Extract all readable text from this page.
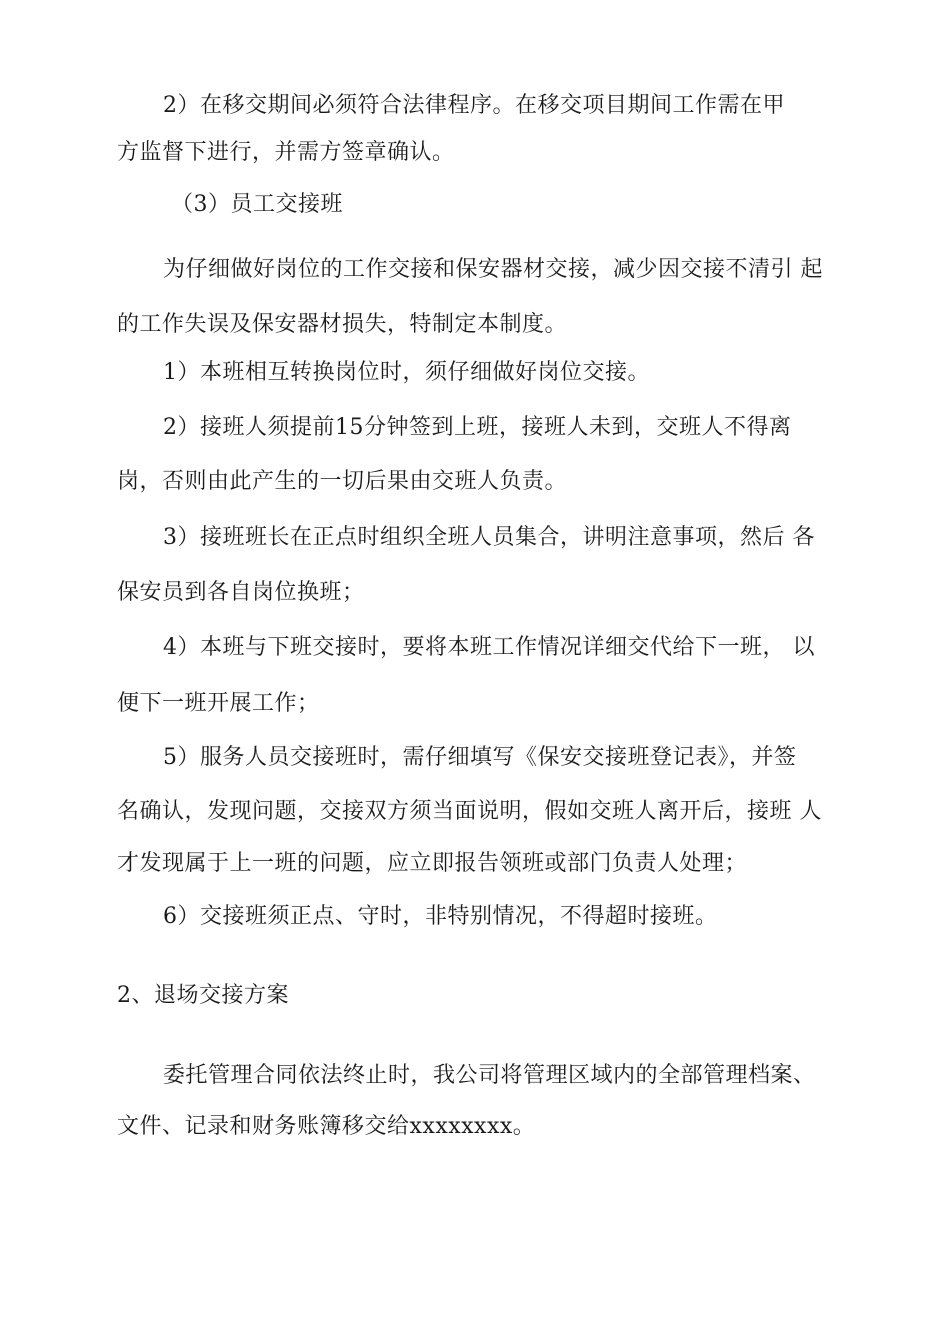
2）在移交期间必须符合法律程序。在移交项目期间工作需在甲
方监督下进行，并需方签章确认。
（3）员工交接班
为仔细做好岗位的工作交接和保安器材交接，减少因交接不清引 起
的工作失误及保安器材损失，特制定本制度。
1）本班相互转换岗位时，须仔细做好岗位交接。
2）接班人须提前15分钟签到上班，接班人未到，交班人不得离
岗，否则由此产生的一切后果由交班人负责。
3）接班班长在正点时组织全班人员集合，讲明注意事项，然后 各
保安员到各自岗位换班；
4）本班与下班交接时，要将本班工作情况详细交代给下一班， 以
便下一班开展工作；
5）服务人员交接班时，需仔细填写《保安交接班登记表》，并签
名确认，发现问题，交接双方须当面说明，假如交班人离开后，接班 人
才发现属于上一班的问题，应立即报告领班或部门负责人处理；
6）交接班须正点、守时，非特别情况，不得超时接班。
2、退场交接方案
委托管理合同依法终止时，我公司将管理区域内的全部管理档案、
文件、记录和财务账簿移交给xxxxxxxx。
